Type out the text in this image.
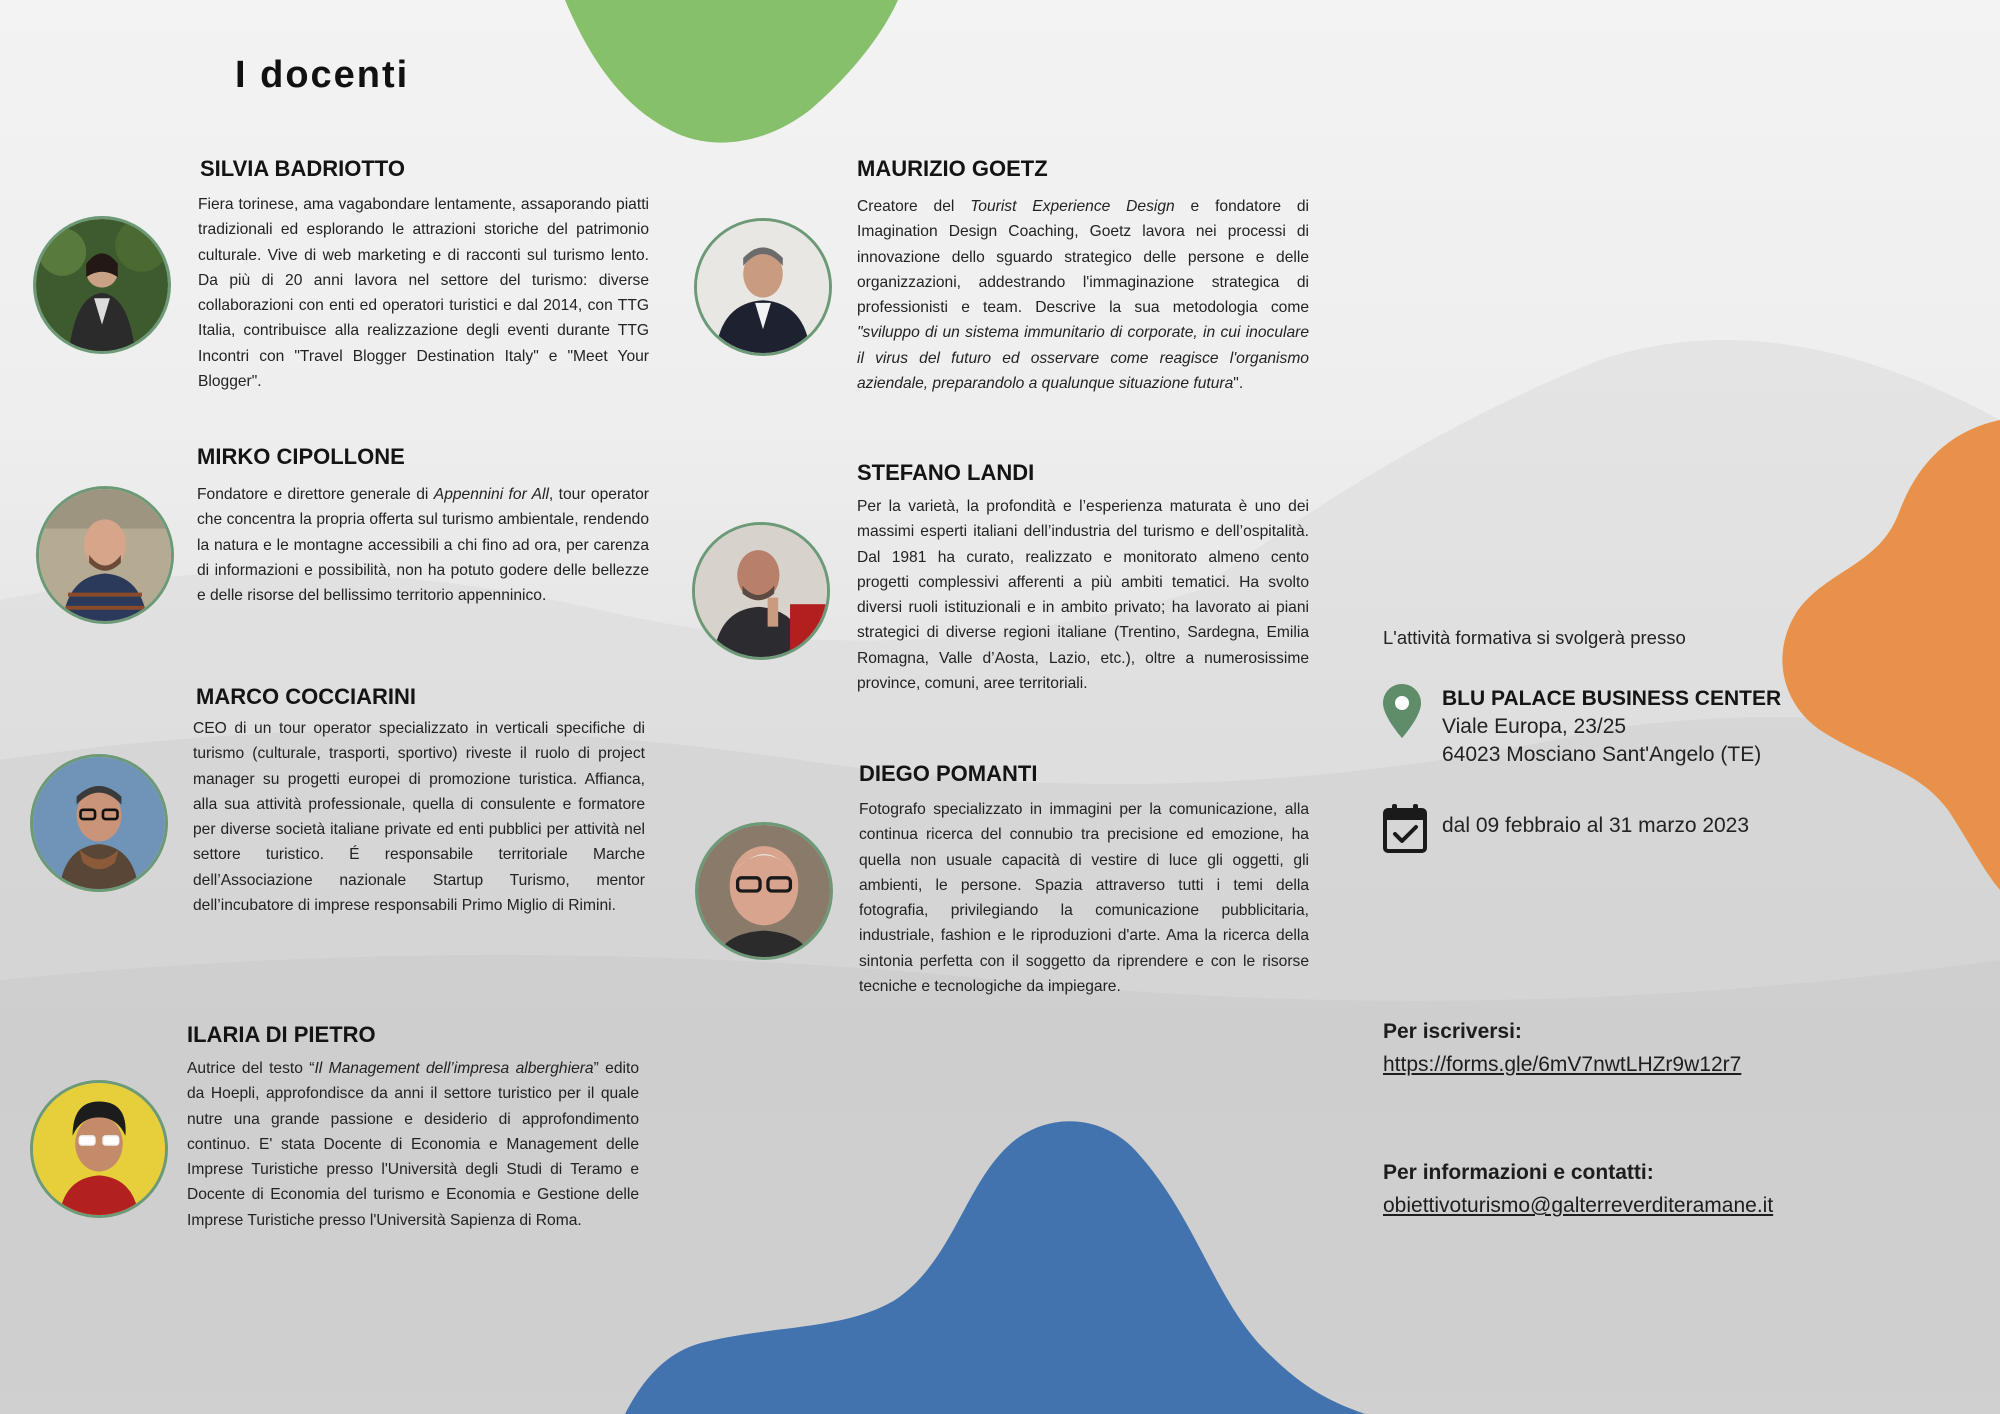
I docenti
SILVIA BADRIOTTO

Fiera torinese, ama vagabondare lentamente, assaporando piatti tradizionali ed esplorando le attrazioni storiche del patrimonio culturale. Vive di web marketing e di racconti sul turismo lento. Da più di 20 anni lavora nel settore del turismo: diverse collaborazioni con enti ed operatori turistici e dal 2014, con TTG Italia, contribuisce alla realizzazione degli eventi durante TTG Incontri con "Travel Blogger Destination Italy" e "Meet Your Blogger".

MIRKO CIPOLLONE

Fondatore e direttore generale di Appennini for All, tour operator che concentra la propria offerta sul turismo ambientale, rendendo la natura e le montagne accessibili a chi fino ad ora, per carenza di informazioni e possibilità, non ha potuto godere delle bellezze e delle risorse del bellissimo territorio appenninico.

MARCO COCCIARINI

CEO di un tour operator specializzato in verticali specifiche di turismo (culturale, trasporti, sportivo) riveste il ruolo di project manager su progetti europei di promozione turistica. Affianca, alla sua attività professionale, quella di consulente e formatore per diverse società italiane private ed enti pubblici per attività nel settore turistico. É responsabile territoriale Marche dell’Associazione nazionale Startup Turismo, mentor dell’incubatore di imprese responsabili Primo Miglio di Rimini.

ILARIA DI PIETRO

Autrice del testo “Il Management dell’impresa alberghiera” edito da Hoepli, approfondisce da anni il settore turistico per il quale nutre una grande passione e desiderio di approfondimento continuo. E' stata Docente di Economia e Management delle Imprese Turistiche presso l'Università degli Studi di Teramo e Docente di Economia del turismo e Economia e Gestione delle Imprese Turistiche presso l'Università Sapienza di Roma.

MAURIZIO GOETZ

Creatore del Tourist Experience Design e fondatore di Imagination Design Coaching, Goetz lavora nei processi di innovazione dello sguardo strategico delle persone e delle organizzazioni, addestrando l'immaginazione strategica di professionisti e team. Descrive la sua metodologia come "sviluppo di un sistema immunitario di corporate, in cui inoculare il virus del futuro ed osservare come reagisce l'organismo aziendale, preparandolo a qualunque situazione futura".

STEFANO LANDI

Per la varietà, la profondità e l’esperienza maturata è uno dei massimi esperti italiani dell’industria del turismo e dell’ospitalità. Dal 1981 ha curato, realizzato e monitorato almeno cento progetti complessivi afferenti a più ambiti tematici. Ha svolto diversi ruoli istituzionali e in ambito privato; ha lavorato ai piani strategici di diverse regioni italiane (Trentino, Sardegna, Emilia Romagna, Valle d’Aosta, Lazio, etc.), oltre a numerosissime province, comuni, aree territoriali.

DIEGO POMANTI

Fotografo specializzato in immagini per la comunicazione, alla continua ricerca del connubio tra precisione ed emozione, ha quella non usuale capacità di vestire di luce gli oggetti, gli ambienti, le persone. Spazia attraverso tutti i temi della fotografia, privilegiando la comunicazione pubblicitaria, industriale, fashion e le riproduzioni d'arte. Ama la ricerca della sintonia perfetta con il soggetto da riprendere e con le risorse tecniche e tecnologiche da impiegare.

L'attività formativa si svolgerà presso

BLU PALACE BUSINESS CENTER

Viale Europa, 23/25

64023 Mosciano Sant'Angelo (TE)

dal 09 febbraio al 31 marzo 2023

Per iscriversi:

https://forms.gle/6mV7nwtLHZr9w12r7

Per informazioni e contatti:

obiettivoturismo@galterreverditeramane.it
